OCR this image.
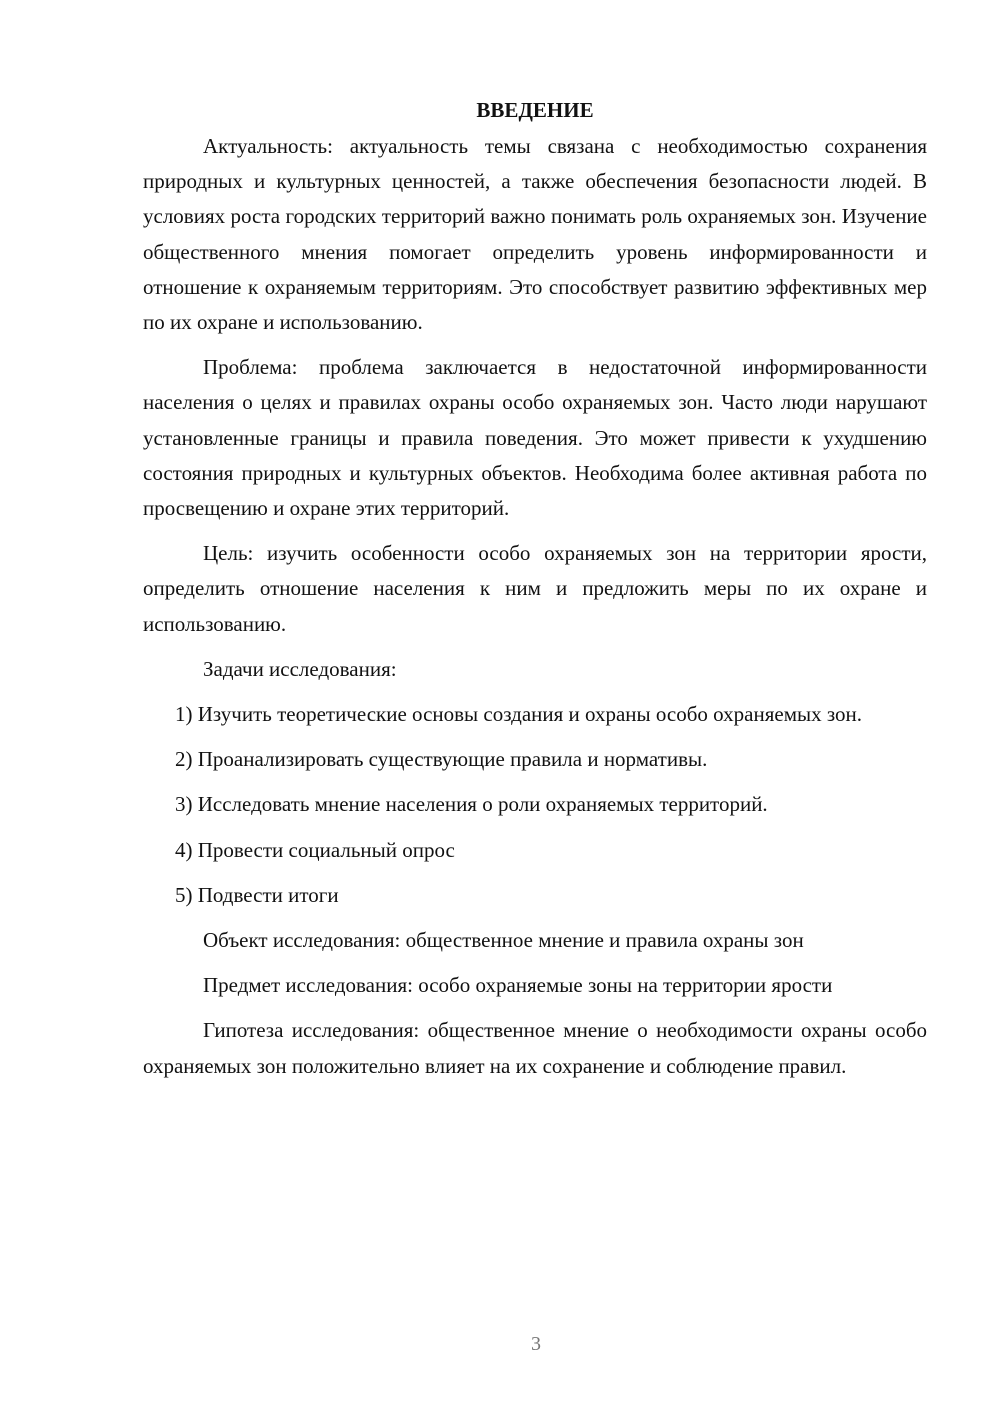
ВВЕДЕНИЕ

Актуальность: актуальность темы связана с необходимостью сохранения природных и культурных ценностей, а также обеспечения безопасности людей. В условиях роста городских территорий важно понимать роль охраняемых зон. Изучение общественного мнения помогает определить уровень информированности и отношение к охраняемым территориям. Это способствует развитию эффективных мер по их охране и использованию.

Проблема: проблема заключается в недостаточной информированности населения о целях и правилах охраны особо охраняемых зон. Часто люди нарушают установленные границы и правила поведения. Это может привести к ухудшению состояния природных и культурных объектов. Необходима более активная работа по просвещению и охране этих территорий.

Цель: изучить особенности особо охраняемых зон на территории ярости, определить отношение населения к ним и предложить меры по их охране и использованию.

Задачи исследования:

1) Изучить теоретические основы создания и охраны особо охраняемых зон.

2) Проанализировать существующие правила и нормативы.

3) Исследовать мнение населения о роли охраняемых территорий.

4) Провести социальный опрос

5) Подвести итоги

Объект исследования: общественное мнение и правила охраны зон

Предмет исследования: особо охраняемые зоны на территории ярости

Гипотеза исследования: общественное мнение о необходимости охраны особо охраняемых зон положительно влияет на их сохранение и соблюдение правил.

3
